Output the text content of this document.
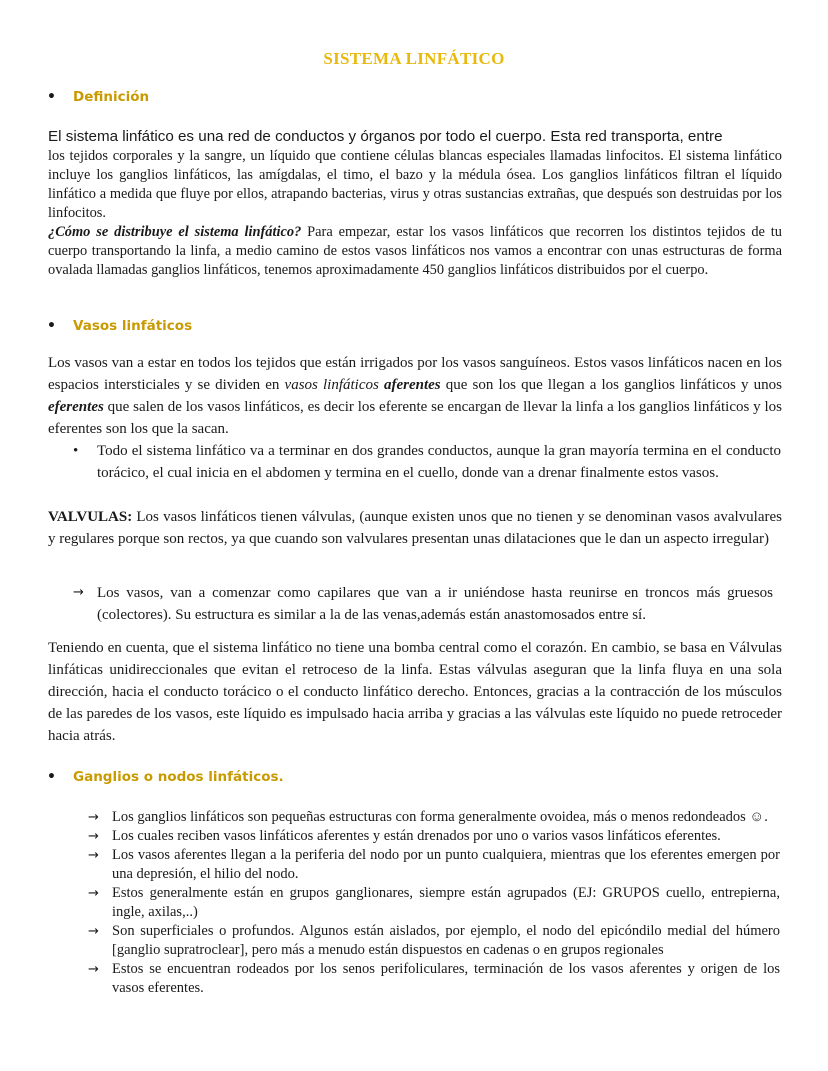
SISTEMA LINFÁTICO
•	Definición

El sistema linfático es una red de conductos y órganos por todo el cuerpo. Esta red transporta, entre

los tejidos corporales y la sangre, un líquido que contiene células blancas especiales llamadas linfocitos. El sistema linfático incluye los ganglios linfáticos, las amígdalas, el timo, el bazo y la médula ósea. Los ganglios linfáticos filtran el líquido linfático a medida que fluye por ellos, atrapando bacterias, virus y otras sustancias extrañas, que después son destruidas por los linfocitos.

¿Cómo se distribuye el sistema linfático? Para empezar, estar los vasos linfáticos que recorren los distintos tejidos de tu cuerpo transportando la linfa, a medio camino de estos vasos linfáticos nos vamos a encontrar con unas estructuras de forma ovalada llamadas ganglios linfáticos, tenemos aproximadamente 450 ganglios linfáticos distribuidos por el cuerpo.

•	Vasos linfáticos

Los vasos van a estar en todos los tejidos que están irrigados por los vasos sanguíneos. Estos vasos linfáticos nacen en los espacios intersticiales y se dividen en vasos linfáticos aferentes que son los que llegan a los ganglios linfáticos y unos eferentes que salen de los vasos linfáticos, es decir los eferente se encargan de llevar la linfa a los ganglios linfáticos y los eferentes son los que la sacan.

• Todo el sistema linfático va a terminar en dos grandes conductos, aunque la gran mayoría termina en el conducto torácico, el cual inicia en el abdomen y termina en el cuello, donde van a drenar finalmente estos vasos.

VALVULAS: Los vasos linfáticos tienen válvulas, (aunque existen unos que no tienen y se denominan vasos avalvulares y regulares porque son rectos, ya que cuando son valvulares presentan unas dilataciones que le dan un aspecto irregular)

→ Los vasos, van a comenzar como capilares que van a ir uniéndose hasta reunirse en troncos más gruesos (colectores). Su estructura es similar a la de las venas,además están anastomosados entre sí.

Teniendo en cuenta, que el sistema linfático no tiene una bomba central como el corazón. En cambio, se basa en Válvulas linfáticas unidireccionales que evitan el retroceso de la linfa. Estas válvulas aseguran que la linfa fluya en una sola dirección, hacia el conducto torácico o el conducto linfático derecho. Entonces, gracias a la contracción de los músculos de las paredes de los vasos, este líquido es impulsado hacia arriba y gracias a las válvulas este líquido no puede retroceder hacia atrás.

•	Ganglios o nodos linfáticos.
→ Los ganglios linfáticos son pequeñas estructuras con forma generalmente ovoidea, más o menos redondeados ☺.
→ Los cuales reciben vasos linfáticos aferentes y están drenados por uno o varios vasos linfáticos eferentes.
→ Los vasos aferentes llegan a la periferia del nodo por un punto cualquiera, mientras que los eferentes emergen por una depresión, el hilio del nodo.
→ Estos generalmente están en grupos ganglionares, siempre están agrupados (EJ: GRUPOS cuello, entrepierna, ingle, axilas,..)
→ Son superficiales o profundos. Algunos están aislados, por ejemplo, el nodo del epicóndilo medial del húmero [ganglio supratroclear], pero más a menudo están dispuestos en cadenas o en grupos regionales
→ Estos se encuentran rodeados por los senos perifoliculares, terminación de los vasos aferentes y origen de los vasos eferentes.
